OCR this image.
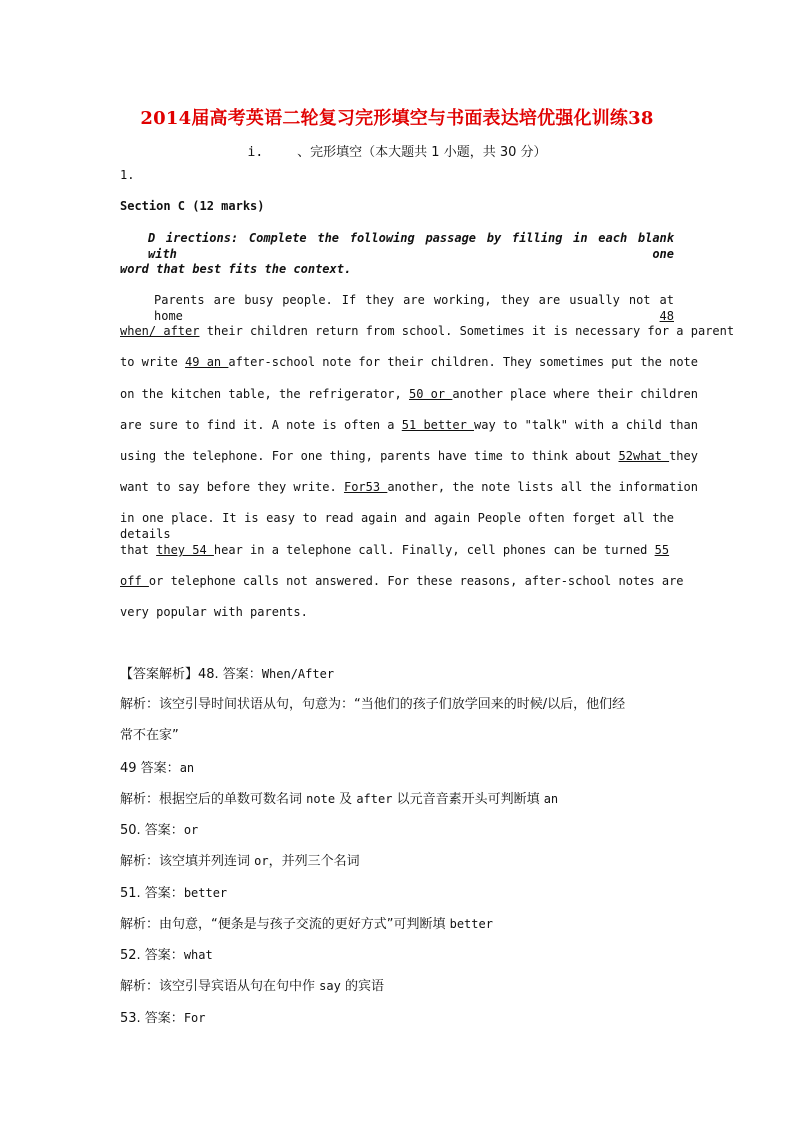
2014届高考英语二轮复习完形填空与书面表达培优强化训练38
i.	、完形填空（本大题共 1 小题，共 30 分）
1.
Section C (12 marks)
D irections: Complete the following passage by filling in each blank with one
word that best fits the context.
Parents are busy people. If they are working, they are usually not at home	48
when/ after their children return from school. Sometimes it is necessary for a parent
to write 49 an after-school note for their children. They sometimes put the note
on the kitchen table, the refrigerator, 50 or another place where their children
are sure to find it. A note is often a 51 better way to "talk" with a child than
using the telephone. For one thing, parents have time to think about 52what they
want to say before they write. For53 another, the note lists all the information
in one place. It is easy to read again and again People often forget all the details
that they 54 hear in a telephone call. Finally, cell phones can be turned 55
off or telephone calls not answered. For these reasons, after-school notes are
very popular with parents.
【答案解析】48. 答案：When/After
解析：该空引导时间状语从句，句意为：“当他们的孩子们放学回来的时候/以后，他们经
常不在家”
49 答案：an
解析：根据空后的单数可数名词 note 及 after 以元音音素开头可判断填 an
50. 答案：or
解析：该空填并列连词 or，并列三个名词
51. 答案：better
解析：由句意，“便条是与孩子交流的更好方式”可判断填 better
52. 答案：what
解析：该空引导宾语从句在句中作 say 的宾语
53. 答案：For
